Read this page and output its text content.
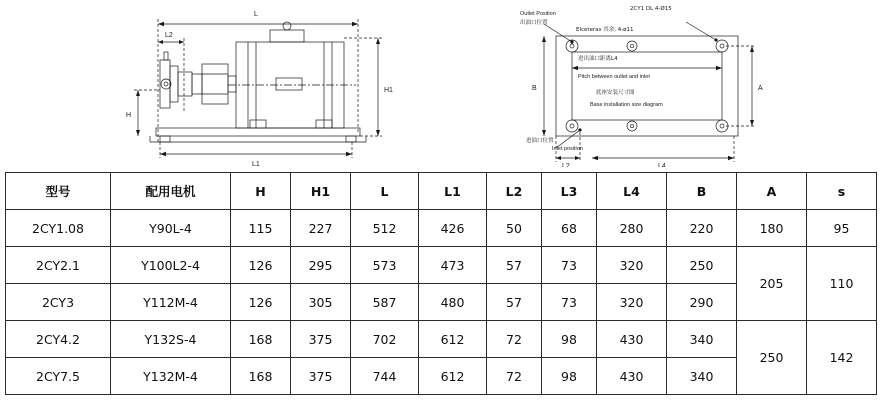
L
L2
H
H1
L1
Outlet Position
出油口位置
2CY1 DL 4-Ø15
Elceteras 其余, 4-ø11
进出油口距离L4
Pitch between outlet and inlet
底座安装尺寸图
Base installation size diagram
进油口位置
Inlet position
L2	L4
B	A
型号	配用电机	H	H1	L	L1	L2	L3	L4	B	A	s
2CY1.08	Y90L-4	115	227	512	426	50	68	280	220	180	95
2CY2.1	Y100L2-4	126	295	573	473	57	73	320	250	205	110
2CY3	Y112M-4	126	305	587	480	57	73	320	290		
2CY4.2	Y132S-4	168	375	702	612	72	98	430	340	250	142
2CY7.5	Y132M-4	168	375	744	612	72	98	430	340		
